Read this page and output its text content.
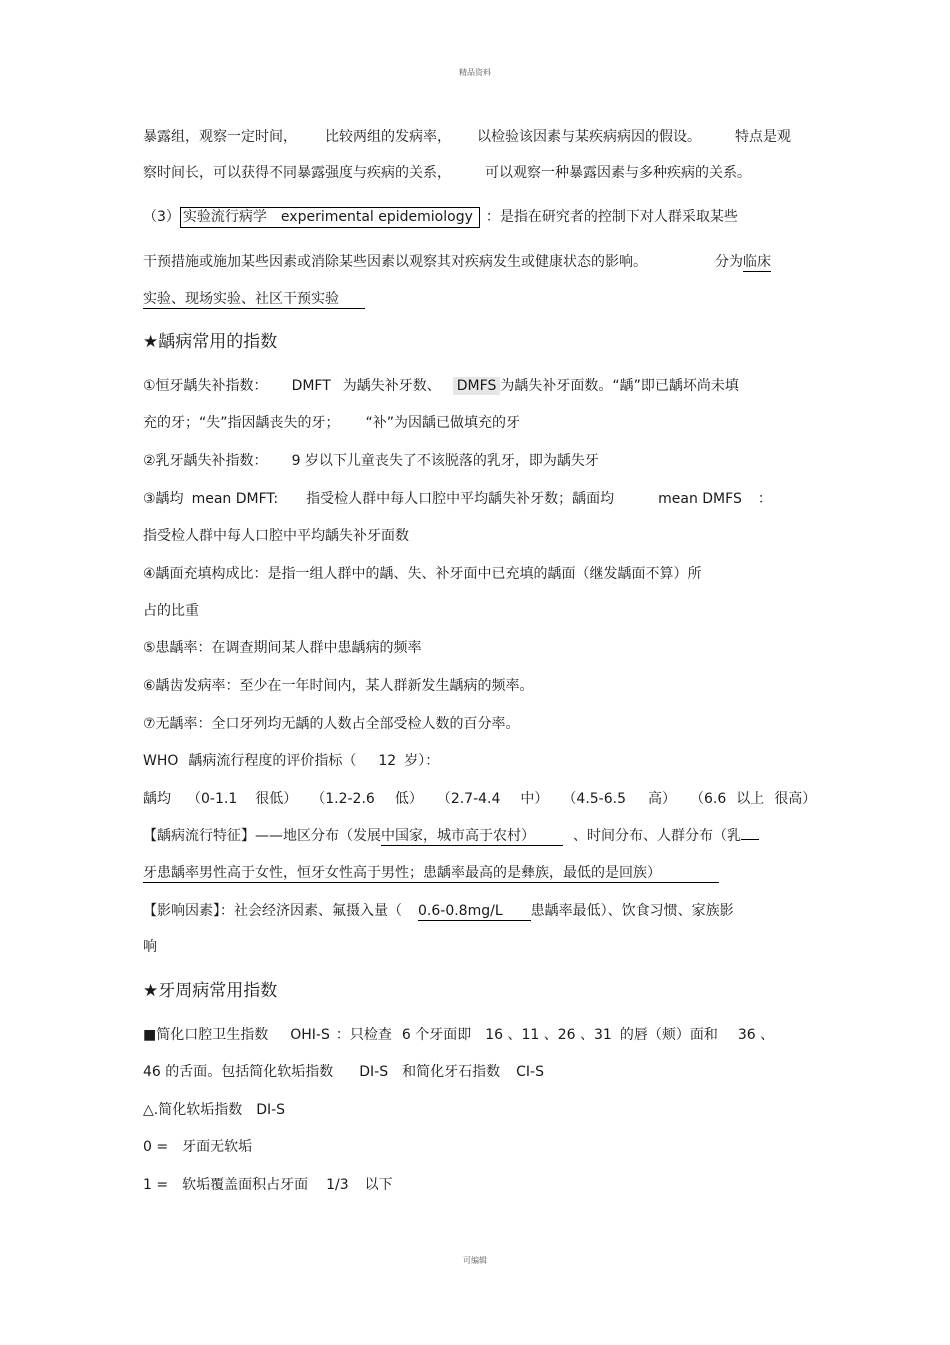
精品资料
暴露组，观察一定时间， 比较两组的发病率， 以检验该因素与某疾病病因的假设。 特点是观
察时间长，可以获得不同暴露强度与疾病的关系， 可以观察一种暴露因素与多种疾病的关系。
（3） 实验流行病学　experimental epidemiology ：是指在研究者的控制下对人群采取某些
干预措施或施加某些因素或消除某些因素以观察其对疾病发生或健康状态的影响。	分为临床
实验、现场实验、社区干预实验
★龋病常用的指数
①恒牙龋失补指数： DMFT 为龋失补牙数、 DMFS 为龋失补牙面数。“龋”即已龋坏尚未填
充的牙；“失”指因龋丧失的牙； “补”为因龋已做填充的牙
②乳牙龋失补指数： 9 岁以下儿童丧失了不该脱落的乳牙，即为龋失牙
③龋均 mean DMFT: 指受检人群中每人口腔中平均龋失补牙数；龋面均	mean DMFS ：
指受检人群中每人口腔中平均龋失补牙面数
④龋面充填构成比：是指一组人群中的龋、失、补牙面中已充填的龋面（继发龋面不算）所
占的比重
⑤患龋率：在调查期间某人群中患龋病的频率
⑥龋齿发病率：至少在一年时间内，某人群新发生龋病的频率。
⑦无龋率：全口牙列均无龋的人数占全部受检人数的百分率。
WHO 龋病流行程度的评价指标（ 12 岁）：
龋均 （0-1.1 很低） （1.2-2.6 低） （2.7-4.4 中） （4.5-6.5 高） （6.6 以上 很高）
【龋病流行特征】——地区分布（发展中国家，城市高于农村）	、时间分布、人群分布（乳
牙患龋率男性高于女性，恒牙女性高于男性；患龋率最高的是彝族，最低的是回族）
【影响因素】：社会经济因素、氟摄入量（ 0.6-0.8mg/L 患龋率最低）、饮食习惯、家族影
响
★牙周病常用指数
■简化口腔卫生指数 OHI-S ：只检查 6 个牙面即 16 、11 、26 、31 的唇（颊）面和 36 、
46 的舌面。包括简化软垢指数 DI-S 和简化牙石指数 CI-S
△.简化软垢指数　DI-S
0 = 牙面无软垢
1 = 软垢覆盖面积占牙面 1/3 以下
可编辑
